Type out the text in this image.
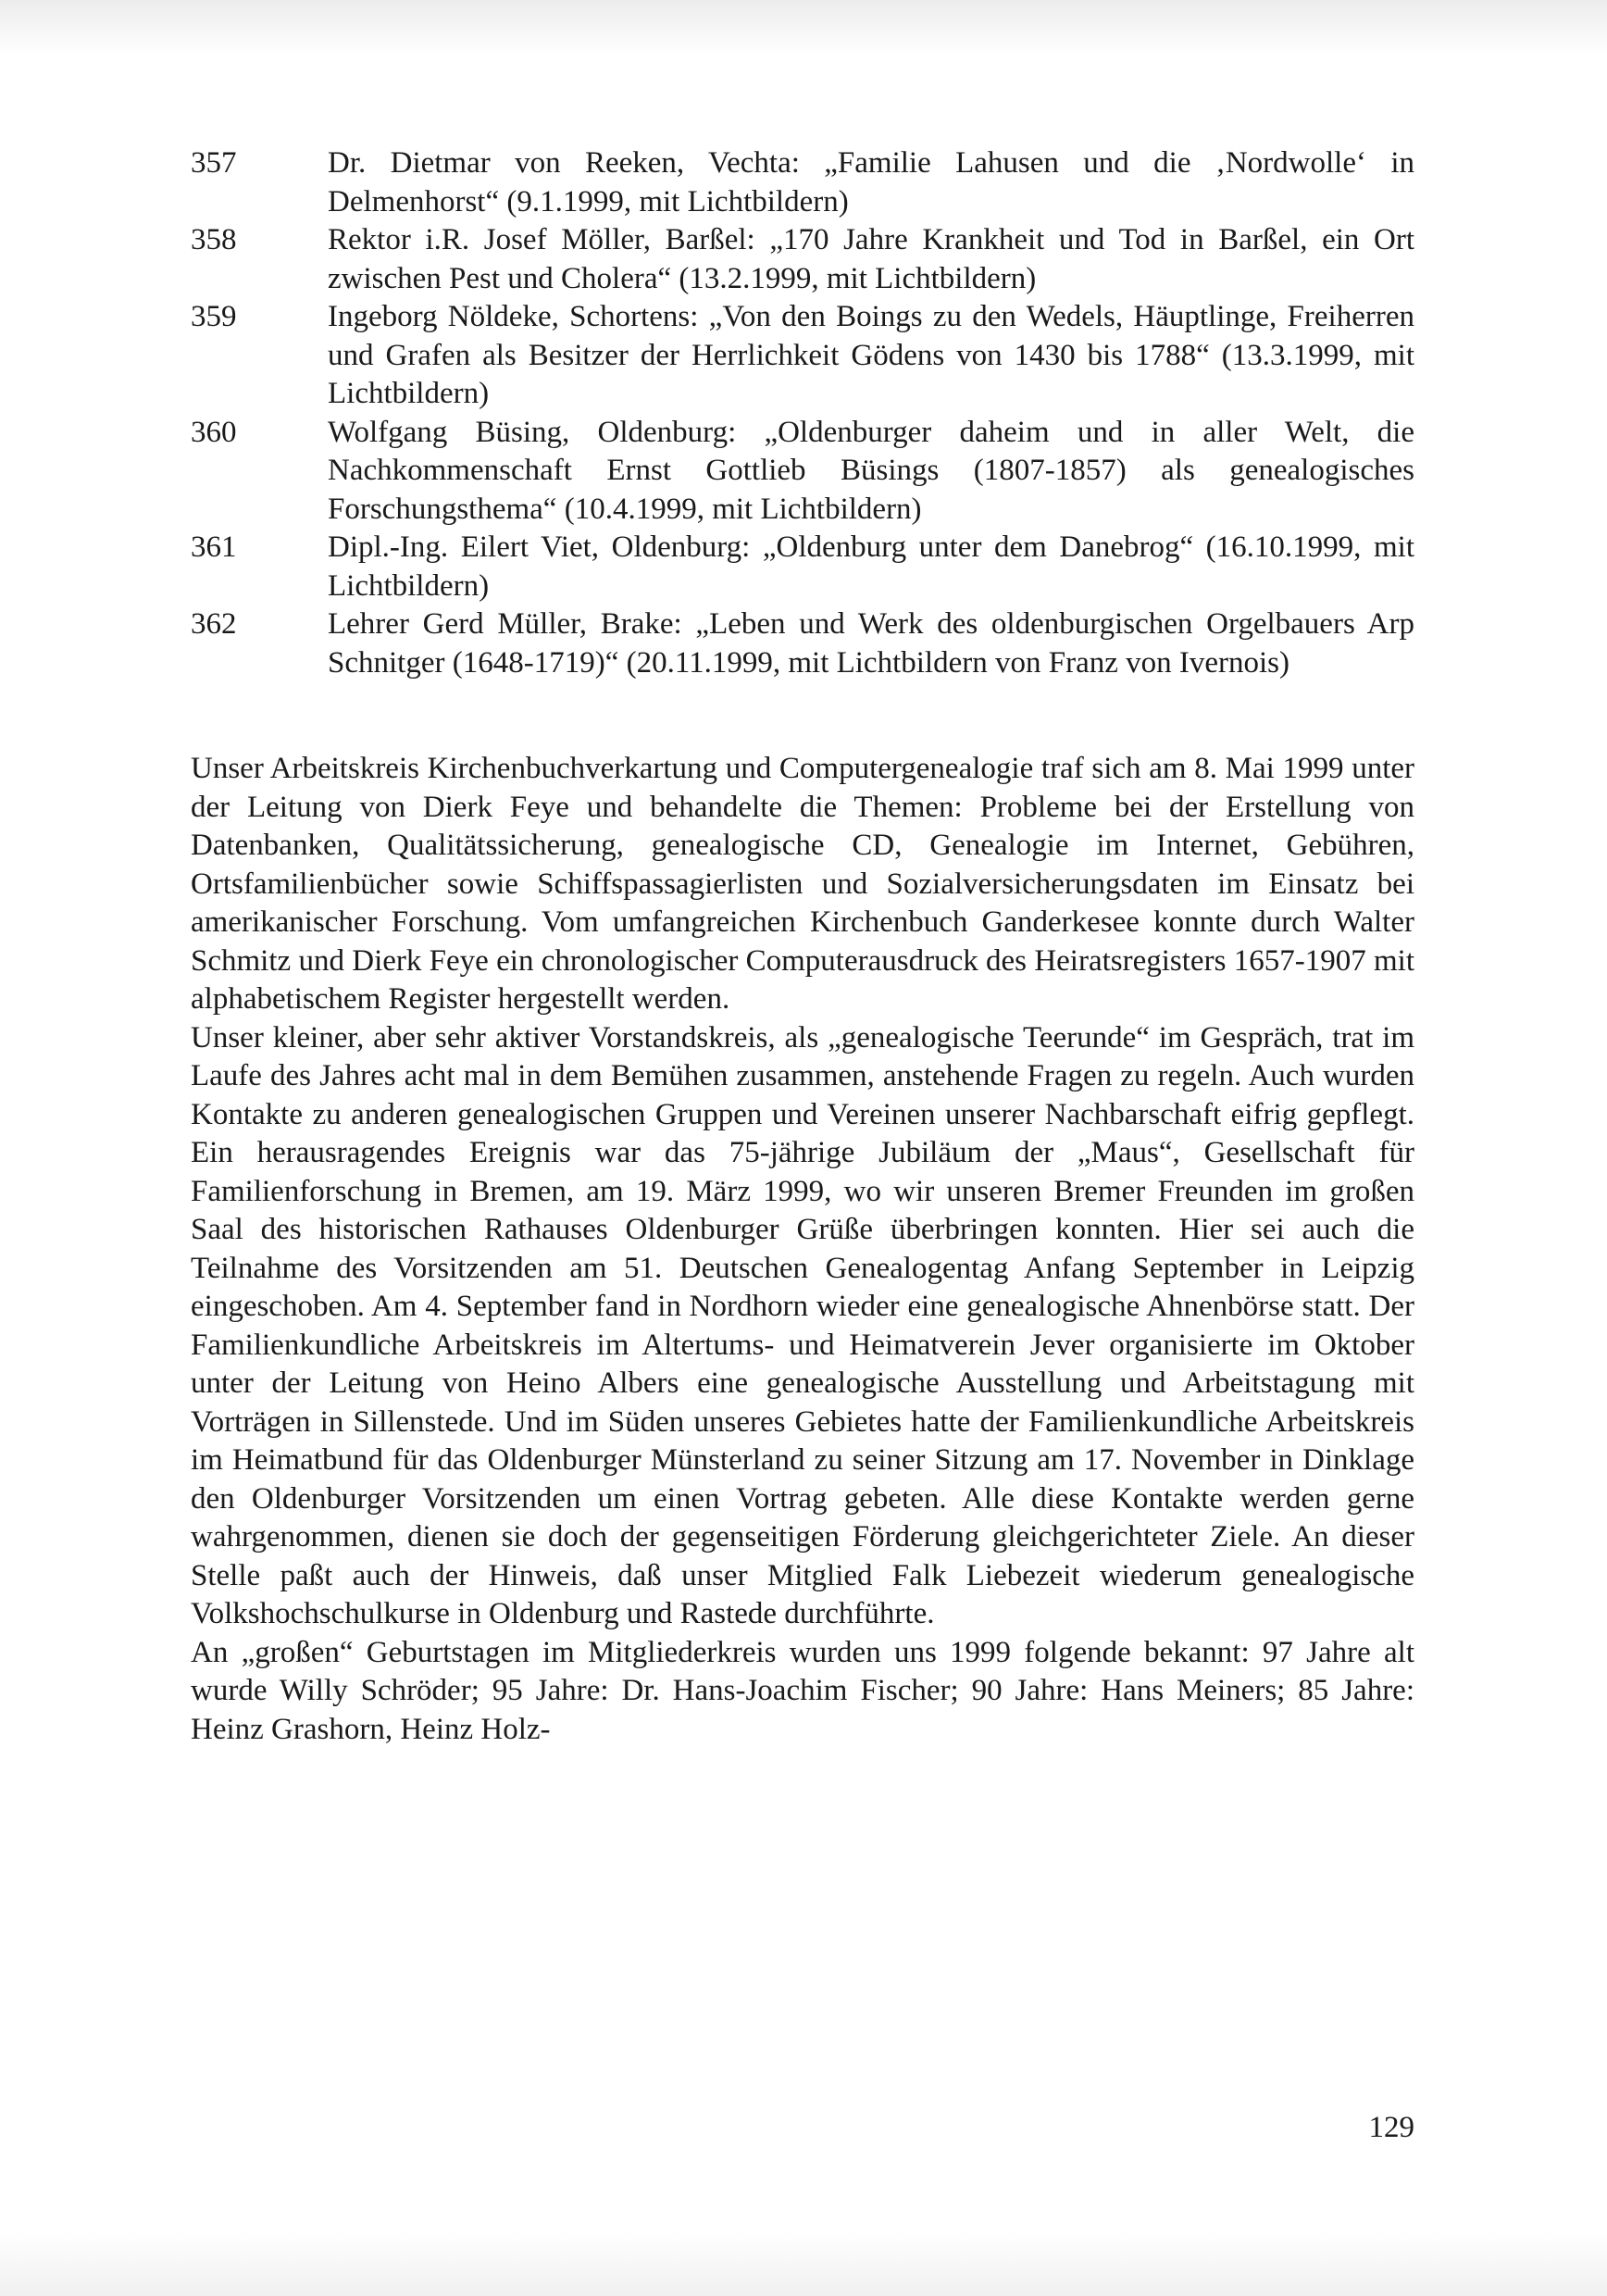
357	Dr. Dietmar von Reeken, Vechta: „Familie Lahusen und die ‚Nordwolle‘ in Delmenhorst“ (9.1.1999, mit Lichtbildern)
358	Rektor i.R. Josef Möller, Barßel: „170 Jahre Krankheit und Tod in Barßel, ein Ort zwischen Pest und Cholera“ (13.2.1999, mit Lichtbildern)
359	Ingeborg Nöldeke, Schortens: „Von den Boings zu den Wedels, Häuptlinge, Freiherren und Grafen als Besitzer der Herrlichkeit Gödens von 1430 bis 1788“ (13.3.1999, mit Lichtbildern)
360	Wolfgang Büsing, Oldenburg: „Oldenburger daheim und in aller Welt, die Nachkommenschaft Ernst Gottlieb Büsings (1807-1857) als genealogisches Forschungsthema“ (10.4.1999, mit Lichtbildern)
361	Dipl.-Ing. Eilert Viet, Oldenburg: „Oldenburg unter dem Danebrog“ (16.10.1999, mit Lichtbildern)
362	Lehrer Gerd Müller, Brake: „Leben und Werk des oldenburgischen Orgelbauers Arp Schnitger (1648-1719)“ (20.11.1999, mit Lichtbildern von Franz von Ivernois)

Unser Arbeitskreis Kirchenbuchverkartung und Computergenealogie traf sich am 8. Mai 1999 unter der Leitung von Dierk Feye und behandelte die Themen: Probleme bei der Erstellung von Datenbanken, Qualitätssicherung, genealogische CD, Genealogie im Internet, Gebühren, Ortsfamilienbücher sowie Schiffspassagierlisten und Sozialversicherungsdaten im Einsatz bei amerikanischer Forschung. Vom umfangreichen Kirchenbuch Ganderkesee konnte durch Walter Schmitz und Dierk Feye ein chronologischer Computerausdruck des Heiratsregisters 1657-1907 mit alphabetischem Register hergestellt werden.

Unser kleiner, aber sehr aktiver Vorstandskreis, als „genealogische Teerunde“ im Gespräch, trat im Laufe des Jahres acht mal in dem Bemühen zusammen, anstehende Fragen zu regeln. Auch wurden Kontakte zu anderen genealogischen Gruppen und Vereinen unserer Nachbarschaft eifrig gepflegt. Ein herausragendes Ereignis war das 75-jährige Jubiläum der „Maus“, Gesellschaft für Familienforschung in Bremen, am 19. März 1999, wo wir unseren Bremer Freunden im großen Saal des historischen Rathauses Oldenburger Grüße überbringen konnten. Hier sei auch die Teilnahme des Vorsitzenden am 51. Deutschen Genealogentag Anfang September in Leipzig eingeschoben. Am 4. September fand in Nordhorn wieder eine genealogische Ahnenbörse statt. Der Familienkundliche Arbeitskreis im Altertums- und Heimatverein Jever organisierte im Oktober unter der Leitung von Heino Albers eine genealogische Ausstellung und Arbeitstagung mit Vorträgen in Sillenstede. Und im Süden unseres Gebietes hatte der Familienkundliche Arbeitskreis im Heimatbund für das Oldenburger Münsterland zu seiner Sitzung am 17. November in Dinklage den Oldenburger Vorsitzenden um einen Vortrag gebeten. Alle diese Kontakte werden gerne wahrgenommen, dienen sie doch der gegenseitigen Förderung gleichgerichteter Ziele. An dieser Stelle paßt auch der Hinweis, daß unser Mitglied Falk Liebezeit wiederum genealogische Volkshochschulkurse in Oldenburg und Rastede durchführte.

An „großen“ Geburtstagen im Mitgliederkreis wurden uns 1999 folgende bekannt: 97 Jahre alt wurde Willy Schröder; 95 Jahre: Dr. Hans-Joachim Fischer; 90 Jahre: Hans Meiners; 85 Jahre: Heinz Grashorn, Heinz Holz-

129
